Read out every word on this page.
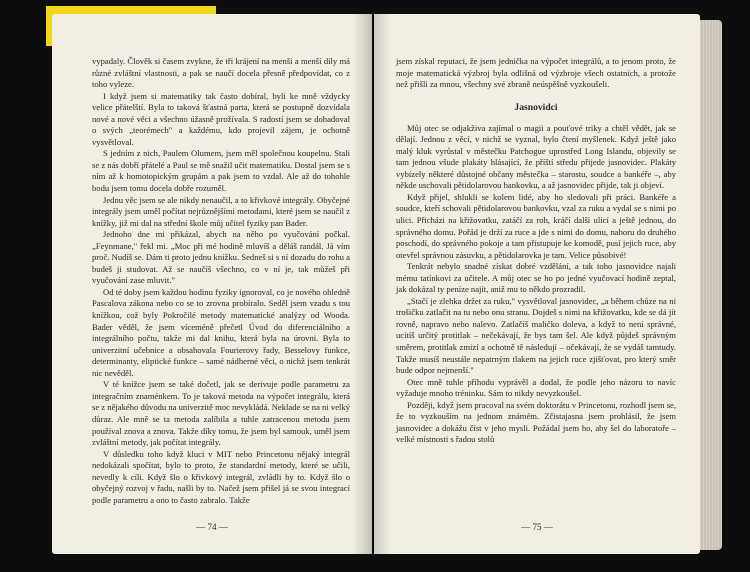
vypadaly. Člověk si časem zvykne, že tři krájení na menší a menší díly má různé zvláštní vlastnosti, a pak se naučí docela přesně předpovídat, co z toho vyleze.

I když jsem si matematiky tak často dobíral, byli ke mně vždycky velice přátelští. Byla to taková šťastná parta, která se postupně dozvídala nové a nové věci a všechno úžasně prožívala. S radostí jsem se dohadoval o svých „teorémech" a každému, kdo projevil zájem, je ochotně vysvětloval.

S jedním z nich, Paulem Olumem, jsem měl společnou koupelnu. Stali se z nás dobří přátelé a Paul se mě snažil učit matematiku. Dostal jsem se s ním až k homotopickým grupám a pak jsem to vzdal. Ale až do tohohle bodu jsem tomu docela dobře rozuměl.

Jednu věc jsem se ale nikdy nenaučil, a to křivkové integrály. Obyčejné integrály jsem uměl počítat nejrůznějšími metodami, které jsem se naučil z knížky, již mi dal na střední škole můj učitel fyziky pan Bader.

Jednoho dne mi přikázal, abych na něho po vyučování počkal. „Feynmane," řekl mi. „Moc při mé hodině mluvíš a děláš randál. Já vím proč. Nudíš se. Dám ti proto jednu knížku. Sedneš si s ní dozadu do rohu a budeš ji studovat. Až se naučíš všechno, co v ní je, tak můžeš při vyučování zase mluvit."

Od té doby jsem každou hodinu fyziky ignoroval, co je nového ohledně Pascalova zákona nebo co se to zrovna probíralo. Seděl jsem vzadu s tou knížkou, což byly Pokročilé metody matematické analýzy od Wooda. Bader věděl, že jsem víceméně přečetl Úvod do diferenciálního a integrálního počtu, takže mi dal knihu, která byla na úrovni. Byla to univerzitní učebnice a obsahovala Fourierovy řady, Besselovy funkce, determinanty, eliptické funkce – samé nádherné věci, o nichž jsem tenkrát nic nevěděl.

V té knížce jsem se také dočetl, jak se derivuje podle parametru za integračním znaménkem. To je taková metoda na výpočet integrálu, která se z nějakého důvodu na univerzitě moc nevykládá. Neklade se na ni velký důraz. Ale mně se ta metoda zalíbila a tuhle zatracenou metodu jsem používal znova a znova. Takže díky tomu, že jsem byl samouk, uměl jsem zvláštní metody, jak počítat integrály.

V důsledku toho když kluci v MIT nebo Princetonu nějaký integrál nedokázali spočítat, bylo to proto, že standardní metody, které se učili, nevedly k cíli. Když šlo o křivkový integrál, zvládli by to. Když šlo o obyčejný rozvoj v řadu, našli by to. Načež jsem přišel já se svou integrací podle parametru a ono to často zabralo. Takže

— 74 —

jsem získal reputaci, že jsem jednička na výpočet integrálů, a to jenom proto, že moje matematická výzbroj byla odlišná od výzbroje všech ostatních, a protože než přišli za mnou, všechny své zbraně neúspěšně vyzkoušeli.

Jasnovidci

Můj otec se odjakživa zajímal o magii a pouťové triky a chtěl vědět, jak se dělají. Jednou z věcí, v nichž se vyznal, bylo čtení myšlenek. Když ještě jako malý kluk vyrůstal v městečku Patchogue uprostřed Long Islandu, objevily se tam jednou všude plakáty hlásající, že příští středu přijede jasnovidec. Plakáty vybízely některé důstojné občany městečka – starostu, soudce a bankéře –, aby někde uschovali pětidolarovou bankovku, a až jasnovidec přijde, tak ji objeví.

Když přijel, shlukli se kolem lidé, aby ho sledovali při práci. Bankéře a soudce, kteří schovali pětidolarovou bankovku, vzal za ruku a vydal se s nimi po ulici. Přicházi na křižovatku, zatáčí za roh, kráčí další ulicí a ještě jednou, do správného domu. Pořád je drží za ruce a jde s nimi do domu, nahoru do druhého poschodí, do správného pokoje a tam přistupuje ke komodě, pusí jejich ruce, aby otevřel správnou zásuvku, a pětidolarovka je tam. Velice působivé!

Tenkrát nebylo snadné získat dobré vzdělání, a tak toho jasnovidce najali mému tatínkovi za učitele. A můj otec se ho po jedné vyučovací hodině zeptal, jak dokázal ty peníze najít, aniž mu to někdo prozradil.

„Stačí je zlehka držet za ruku," vysvětloval jasnovidec, „a během chůze na ni trošičku zatlačit na tu nebo onu stranu. Dojdeš s nimi na křižovatku, kde se dá jít rovně, napravo nebo nalevo. Zatlačíš maličko doleva, a když to není správné, ucítíš určitý protitlak – nečekávají, že bys tam šel. Ale když půjdeš správným směrem, protitlak zmizí a ochotně tě následují – očekávají, že se vydáš tamtudy. Takže musíš neustále nepatrným tlakem na jejich ruce zjišťovat, pro který směr bude odpor nejmenší."

Otec mně tuhle příhodu vyprávěl a dodal, že podle jeho názoru to navíc vyžaduje mnoho tréninku. Sám to nikdy nevyzkoušel.

Později, když jsem pracoval na svém doktorátu v Princetonu, rozhodl jsem se, že to vyzkouším na jednom známém. Zčistajasna jsem prohlásil, že jsem jasnovidec a dokážu číst v jeho mysli. Požádal jsem ho, aby šel do laboratoře – velké místnosti s řadou stolů

— 75 —
